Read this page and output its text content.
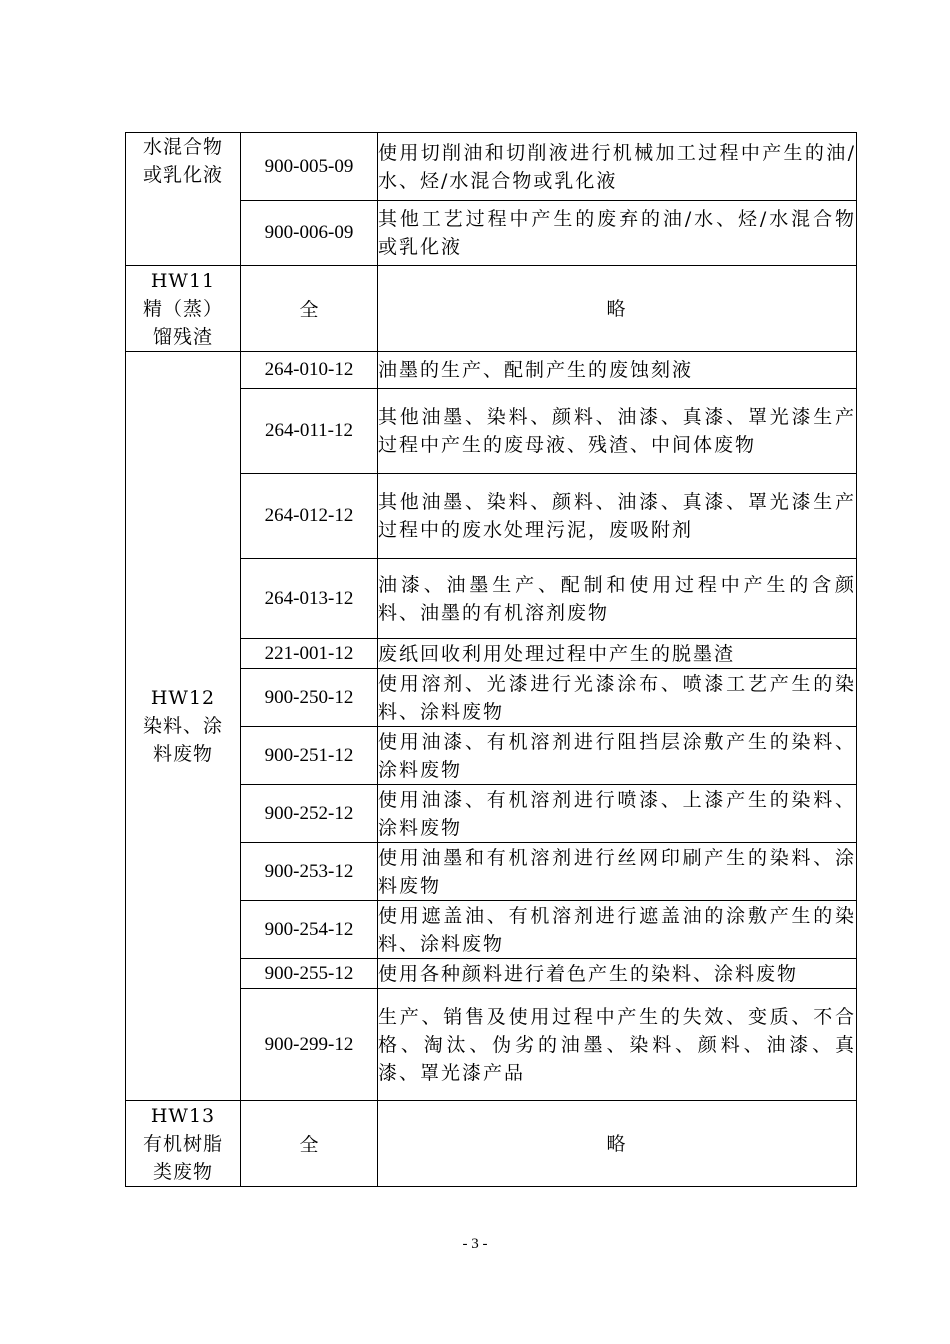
水混合物
或乳化液	900-005-09	使用切削油和切削液进行机械加工过程中产生的油/水、烃/水混合物或乳化液
	900-006-09	其他工艺过程中产生的废弃的油/水、烃/水混合物或乳化液

HW11
精（蒸）
馏残渣	全	略

HW12
染料、涂
料废物	264-010-12	油墨的生产、配制产生的废蚀刻液
	264-011-12	其他油墨、染料、颜料、油漆、真漆、罩光漆生产过程中产生的废母液、残渣、中间体废物
	264-012-12	其他油墨、染料、颜料、油漆、真漆、罩光漆生产过程中的废水处理污泥，废吸附剂
	264-013-12	油漆、油墨生产、配制和使用过程中产生的含颜料、油墨的有机溶剂废物
	221-001-12	废纸回收利用处理过程中产生的脱墨渣
	900-250-12	使用溶剂、光漆进行光漆涂布、喷漆工艺产生的染料、涂料废物
	900-251-12	使用油漆、有机溶剂进行阻挡层涂敷产生的染料、涂料废物
	900-252-12	使用油漆、有机溶剂进行喷漆、上漆产生的染料、涂料废物
	900-253-12	使用油墨和有机溶剂进行丝网印刷产生的染料、涂料废物
	900-254-12	使用遮盖油、有机溶剂进行遮盖油的涂敷产生的染料、涂料废物
	900-255-12	使用各种颜料进行着色产生的染料、涂料废物
	900-299-12	生产、销售及使用过程中产生的失效、变质、不合格、淘汰、伪劣的油墨、染料、颜料、油漆、真漆、罩光漆产品

HW13
有机树脂
类废物	全	略
- 3 -
